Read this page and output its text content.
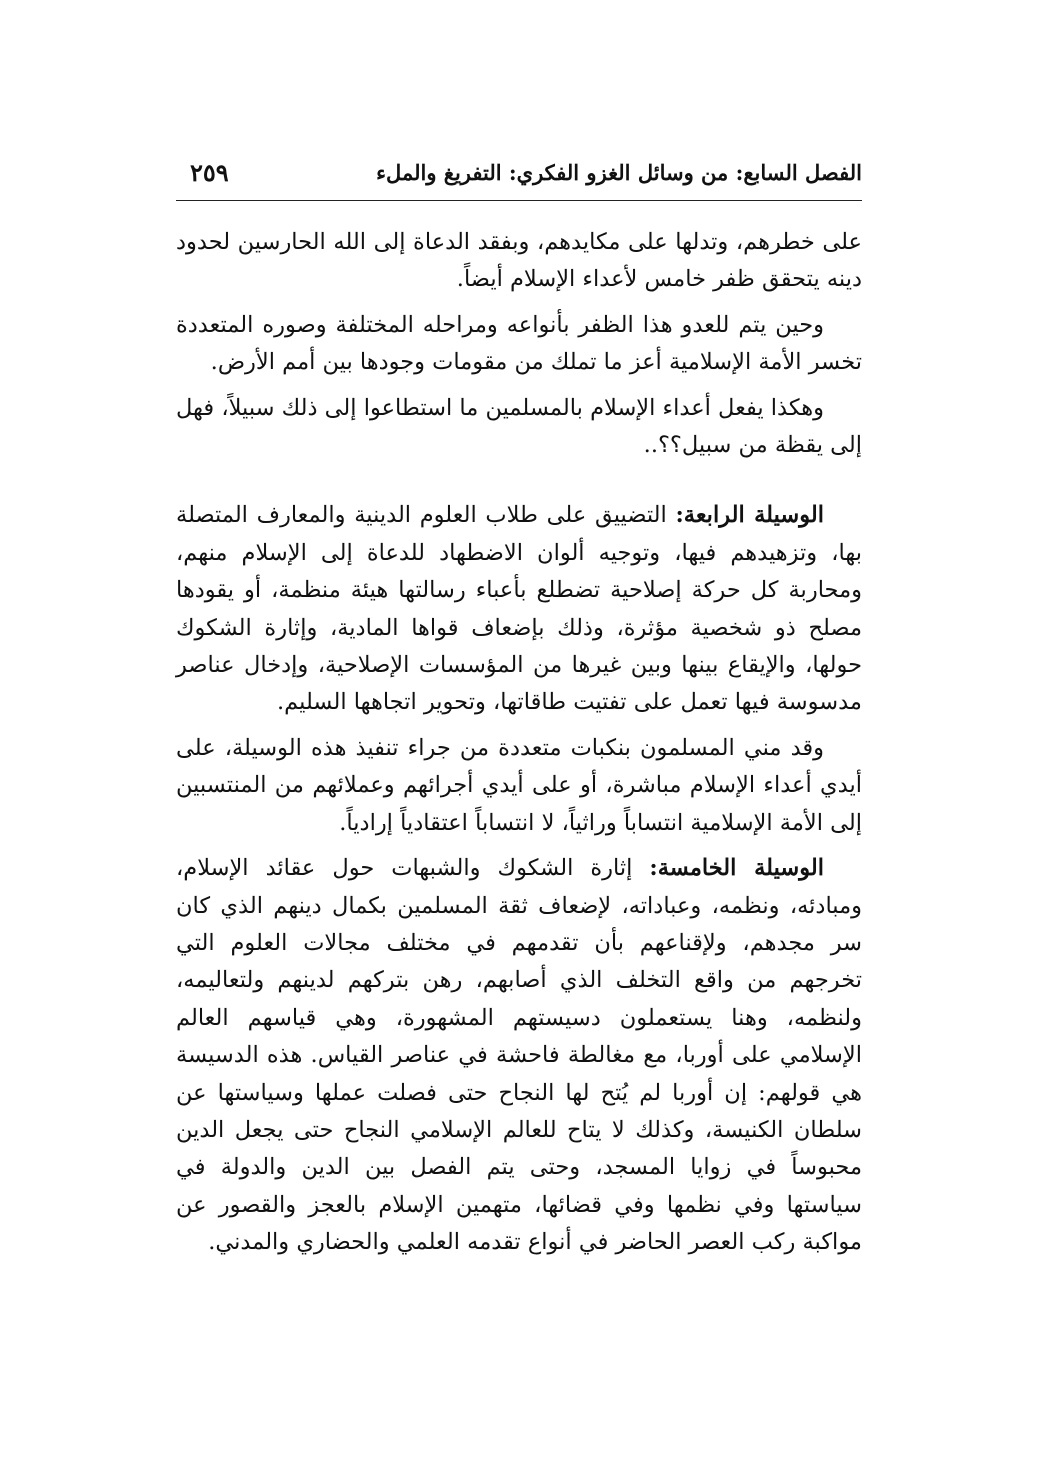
الفصل السابع: من وسائل الغزو الفكري: التفريغ والملء
٢٥٩

على خطرهم، وتدلها على مكايدهم، وبفقد الدعاة إلى الله الحارسين لحدود دينه يتحقق ظفر خامس لأعداء الإسلام أيضاً.

وحين يتم للعدو هذا الظفر بأنواعه ومراحله المختلفة وصوره المتعددة تخسر الأمة الإسلامية أعز ما تملك من مقومات وجودها بين أمم الأرض.

وهكذا يفعل أعداء الإسلام بالمسلمين ما استطاعوا إلى ذلك سبيلاً، فهل إلى يقظة من سبيل؟؟..

الوسيلة الرابعة: التضييق على طلاب العلوم الدينية والمعارف المتصلة بها، وتزهيدهم فيها، وتوجيه ألوان الاضطهاد للدعاة إلى الإسلام منهم، ومحاربة كل حركة إصلاحية تضطلع بأعباء رسالتها هيئة منظمة، أو يقودها مصلح ذو شخصية مؤثرة، وذلك بإضعاف قواها المادية، وإثارة الشكوك حولها، والإيقاع بينها وبين غيرها من المؤسسات الإصلاحية، وإدخال عناصر مدسوسة فيها تعمل على تفتيت طاقاتها، وتحوير اتجاهها السليم.

وقد مني المسلمون بنكبات متعددة من جراء تنفيذ هذه الوسيلة، على أيدي أعداء الإسلام مباشرة، أو على أيدي أجرائهم وعملائهم من المنتسبين إلى الأمة الإسلامية انتساباً وراثياً، لا انتساباً اعتقادياً إرادياً.

الوسيلة الخامسة: إثارة الشكوك والشبهات حول عقائد الإسلام، ومبادئه، ونظمه، وعباداته، لإضعاف ثقة المسلمين بكمال دينهم الذي كان سر مجدهم، ولإقناعهم بأن تقدمهم في مختلف مجالات العلوم التي تخرجهم من واقع التخلف الذي أصابهم، رهن بتركهم لدينهم ولتعاليمه، ولنظمه، وهنا يستعملون دسيستهم المشهورة، وهي قياسهم العالم الإسلامي على أوربا، مع مغالطة فاحشة في عناصر القياس. هذه الدسيسة هي قولهم: إن أوربا لم يُتح لها النجاح حتى فصلت عملها وسياستها عن سلطان الكنيسة، وكذلك لا يتاح للعالم الإسلامي النجاح حتى يجعل الدين محبوساً في زوايا المسجد، وحتى يتم الفصل بين الدين والدولة في سياستها وفي نظمها وفي قضائها، متهمين الإسلام بالعجز والقصور عن مواكبة ركب العصر الحاضر في أنواع تقدمه العلمي والحضاري والمدني.
